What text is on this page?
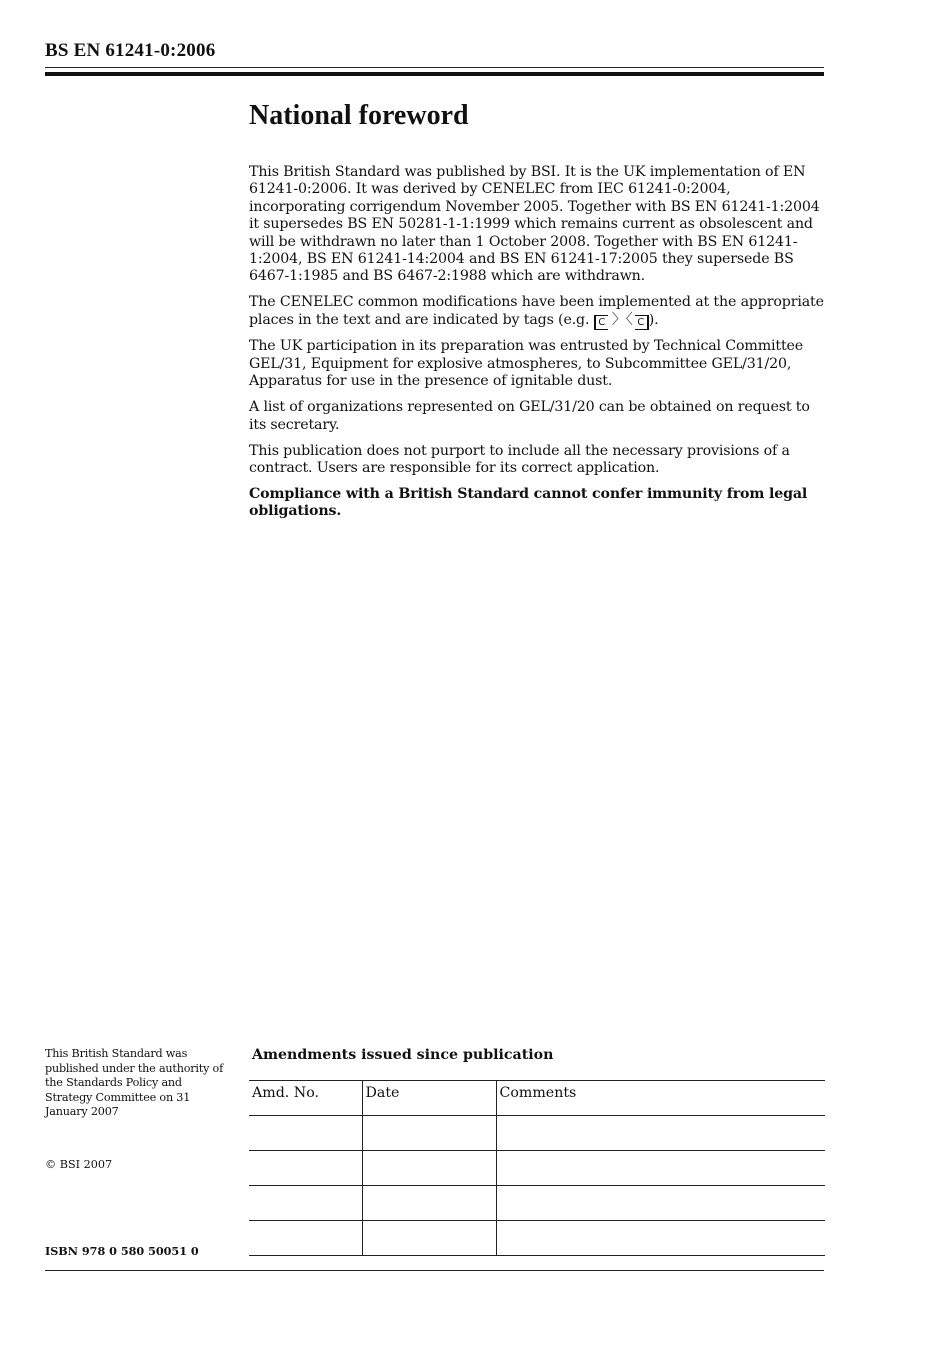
BS EN 61241-0:2006
National foreword

This British Standard was published by BSI. It is the UK implementation of EN 61241-0:2006. It was derived by CENELEC from IEC 61241-0:2004, incorporating corrigendum November 2005. Together with BS EN 61241-1:2004 it supersedes BS EN 50281-1-1:1999 which remains current as obsolescent and will be withdrawn no later than 1 October 2008. Together with BS EN 61241-1:2004, BS EN 61241-14:2004 and BS EN 61241-17:2005 they supersede BS 6467-1:1985 and BS 6467-2:1988 which are withdrawn.

The CENELEC common modifications have been implemented at the appropriate places in the text and are indicated by tags (e.g. C 〉〈 C ).

The UK participation in its preparation was entrusted by Technical Committee GEL/31, Equipment for explosive atmospheres, to Subcommittee GEL/31/20, Apparatus for use in the presence of ignitable dust.

A list of organizations represented on GEL/31/20 can be obtained on request to its secretary.

This publication does not purport to include all the necessary provisions of a contract. Users are responsible for its correct application.

Compliance with a British Standard cannot confer immunity from legal obligations.

This British Standard was published under the authority of the Standards Policy and Strategy Committee on 31 January 2007
© BSI 2007
ISBN 978 0 580 50051 0
Amendments issued since publication
Amd. No.	Date	Comments
